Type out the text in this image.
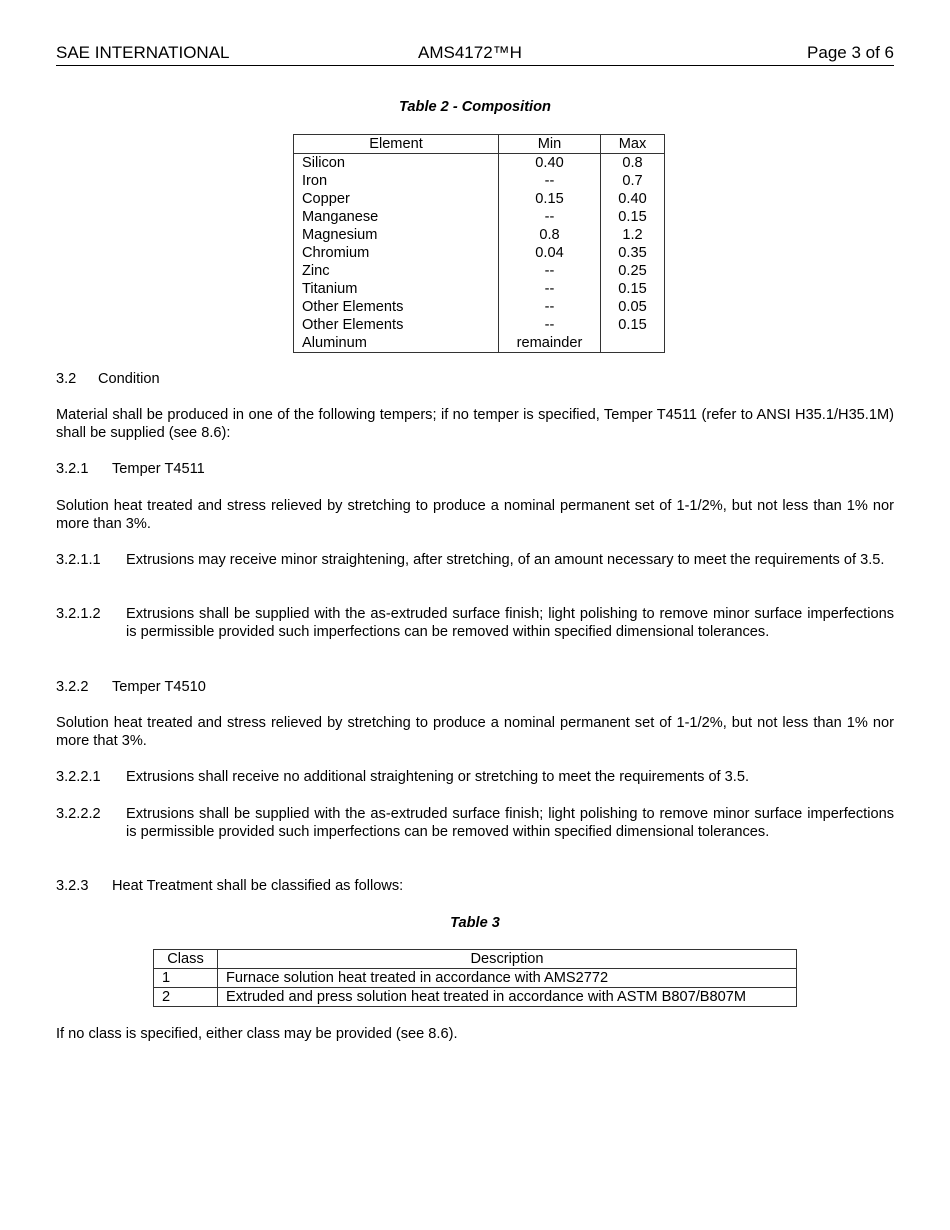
SAE INTERNATIONAL	AMS4172™H	Page 3 of 6
Table 2 - Composition
Element	Min	Max
Silicon	0.40	0.8
Iron	--	0.7
Copper	0.15	0.40
Manganese	--	0.15
Magnesium	0.8	1.2
Chromium	0.04	0.35
Zinc	--	0.25
Titanium	--	0.15
Other Elements	--	0.05
Other Elements	--	0.15
Aluminum	remainder	
3.2 Condition
Material shall be produced in one of the following tempers; if no temper is specified, Temper T4511 (refer to ANSI H35.1/H35.1M) shall be supplied (see 8.6):
3.2.1 Temper T4511
Solution heat treated and stress relieved by stretching to produce a nominal permanent set of 1-1/2%, but not less than 1% nor more than 3%.
3.2.1.1 Extrusions may receive minor straightening, after stretching, of an amount necessary to meet the requirements of 3.5.
3.2.1.2 Extrusions shall be supplied with the as-extruded surface finish; light polishing to remove minor surface imperfections is permissible provided such imperfections can be removed within specified dimensional tolerances.
3.2.2 Temper T4510
Solution heat treated and stress relieved by stretching to produce a nominal permanent set of 1-1/2%, but not less than 1% nor more that 3%.
3.2.2.1 Extrusions shall receive no additional straightening or stretching to meet the requirements of 3.5.
3.2.2.2 Extrusions shall be supplied with the as-extruded surface finish; light polishing to remove minor surface imperfections is permissible provided such imperfections can be removed within specified dimensional tolerances.
3.2.3 Heat Treatment shall be classified as follows:
Table 3
Class	Description
1	Furnace solution heat treated in accordance with AMS2772
2	Extruded and press solution heat treated in accordance with ASTM B807/B807M
If no class is specified, either class may be provided (see 8.6).
